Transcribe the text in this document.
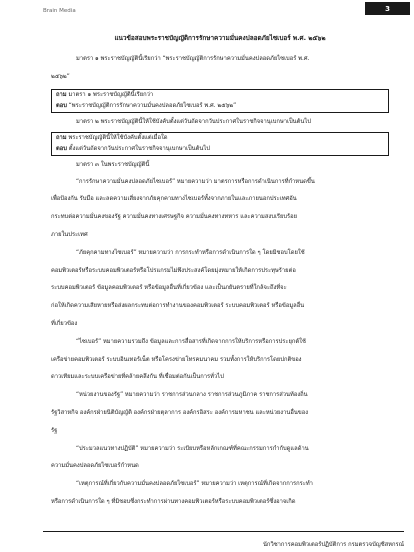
Brain Media	3

แนวข้อสอบพระราชบัญญัติการรักษาความมั่นคงปลอดภัยไซเบอร์ พ.ศ. ๒๕๖๒

มาตรา ๑ พระราชบัญญัตินี้เรียกว่า “พระราชบัญญัติการรักษาความมั่นคงปลอดภัยไซเบอร์ พ.ศ.

๒๕๖๒”

ถาม มาตรา ๑ พระราชบัญญัตินี้เรียกว่า

ตอบ “พระราชบัญญัติการรักษาความมั่นคงปลอดภัยไซเบอร์ พ.ศ. ๒๕๖๒”

มาตรา ๒ พระราชบัญญัตินี้ให้ใช้บังคับตั้งแต่วันถัดจากวันประกาศในราชกิจจานุเบกษาเป็นต้นไป

ถาม พระราชบัญญัตินี้ให้ใช้บังคับตั้งแต่เมื่อใด

ตอบ ตั้งแต่วันถัดจากวันประกาศในราชกิจจานุเบกษาเป็นต้นไป

มาตรา ๓ ในพระราชบัญญัตินี้

“การรักษาความมั่นคงปลอดภัยไซเบอร์” หมายความว่า มาตรการหรือการดำเนินการที่กำหนดขึ้น

เพื่อป้องกัน รับมือ และลดความเสี่ยงจากภัยคุกคามทางไซเบอร์ทั้งจากภายในและภายนอกประเทศอัน

กระทบต่อความมั่นคงของรัฐ ความมั่นคงทางเศรษฐกิจ ความมั่นคงทางทหาร และความสงบเรียบร้อย

ภายในประเทศ

“ภัยคุกคามทางไซเบอร์” หมายความว่า การกระทำหรือการดำเนินการใด ๆ โดยมิชอบโดยใช้

คอมพิวเตอร์หรือระบบคอมพิวเตอร์หรือโปรแกรมไม่พึงประสงค์โดยมุ่งหมายให้เกิดการประทุษร้ายต่อ

ระบบคอมพิวเตอร์ ข้อมูลคอมพิวเตอร์ หรือข้อมูลอื่นที่เกี่ยวข้อง และเป็นภยันตรายที่ใกล้จะถึงที่จะ

ก่อให้เกิดความเสียหายหรือส่งผลกระทบต่อการทำงานของคอมพิวเตอร์ ระบบคอมพิวเตอร์ หรือข้อมูลอื่น

ที่เกี่ยวข้อง

“ไซเบอร์” หมายความรวมถึง ข้อมูลและการสื่อสารที่เกิดจากการให้บริการหรือการประยุกต์ใช้

เครือข่ายคอมพิวเตอร์ ระบบอินเทอร์เน็ต หรือโครงข่ายโทรคมนาคม รวมทั้งการให้บริการโดยปกติของ

ดาวเทียมและระบบเครือข่ายที่คล้ายคลึงกัน ที่เชื่อมต่อกันเป็นการทั่วไป

“หน่วยงานของรัฐ” หมายความว่า ราชการส่วนกลาง ราชการส่วนภูมิภาค ราชการส่วนท้องถิ่น

รัฐวิสาหกิจ องค์กรฝ่ายนิติบัญญัติ องค์กรฝ่ายตุลาการ องค์กรอิสระ องค์การมหาชน และหน่วยงานอื่นของ

รัฐ

“ประมวลแนวทางปฏิบัติ” หมายความว่า ระเบียบหรือหลักเกณฑ์ที่คณะกรรมการกำกับดูแลด้าน

ความมั่นคงปลอดภัยไซเบอร์กำหนด

“เหตุการณ์ที่เกี่ยวกับความมั่นคงปลอดภัยไซเบอร์” หมายความว่า เหตุการณ์ที่เกิดจากการกระทำ

หรือการดำเนินการใด ๆ ที่มิชอบซึ่งกระทำการผ่านทางคอมพิวเตอร์หรือระบบคอมพิวเตอร์ซึ่งอาจเกิด

นักวิชาการคอมพิวเตอร์ปฏิบัติการ กรมตรวจบัญชีสหกรณ์
